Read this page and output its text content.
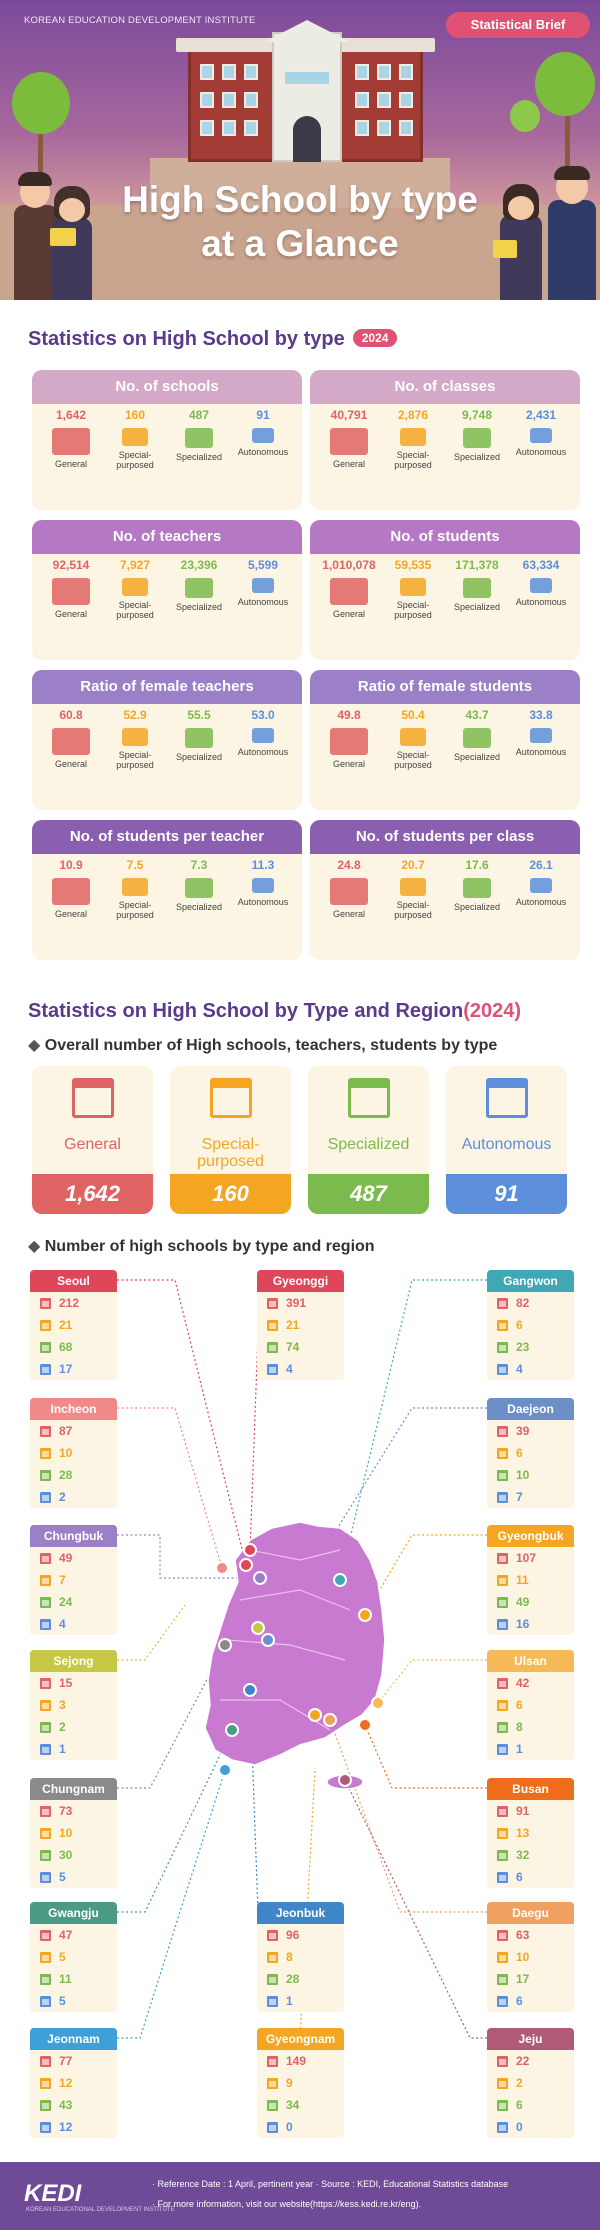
KOREAN EDUCATION DEVELOPMENT INSTITUTE	Statistical Brief
High School by type
at a Glance
Statistics on High School by type 2024
No. of schools
1,642
General
160
Special-
purposed
487
Specialized
91
Autonomous
No. of classes
40,791
General
2,876
Special-
purposed
9,748
Specialized
2,431
Autonomous
No. of teachers
92,514
General
7,927
Special-
purposed
23,396
Specialized
5,599
Autonomous
No. of students
1,010,078
General
59,535
Special-
purposed
171,378
Specialized
63,334
Autonomous
Ratio of female teachers
60.8
General
52.9
Special-
purposed
55.5
Specialized
53.0
Autonomous
Ratio of female students
49.8
General
50.4
Special-
purposed
43.7
Specialized
33.8
Autonomous
No. of students per teacher
10.9
General
7.5
Special-
purposed
7.3
Specialized
11.3
Autonomous
No. of students per class
24.8
General
20.7
Special-
purposed
17.6
Specialized
26.1
Autonomous
Statistics on High School by Type and Region(2024)
◆ Overall number of High schools, teachers, students by type
General
1,642
Special-
purposed
160
Specialized
487
Autonomous
91
◆ Number of high schools by type and region
Seoul
212
21
68
17
Gyeonggi
391
21
74
4
Gangwon
82
6
23
4
Incheon
87
10
28
2
Daejeon
39
6
10
7
Chungbuk
49
7
24
4
Gyeongbuk
107
11
49
16
Sejong
15
3
2
1
Ulsan
42
6
8
1
Chungnam
73
10
30
5
Busan
91
13
32
6
Gwangju
47
5
11
5
Jeonbuk
96
8
28
1
Daegu
63
10
17
6
Jeonnam
77
12
43
12
Gyeongnam
149
9
34
0
Jeju
22
2
6
0
KEDI
KOREAN EDUCATIONAL DEVELOPMENT INSTITUTE
· Reference Date : 1 April, pertinent year · Source : KEDI, Educational Statistics database
· For more information, visit our website(https://kess.kedi.re.kr/eng).
